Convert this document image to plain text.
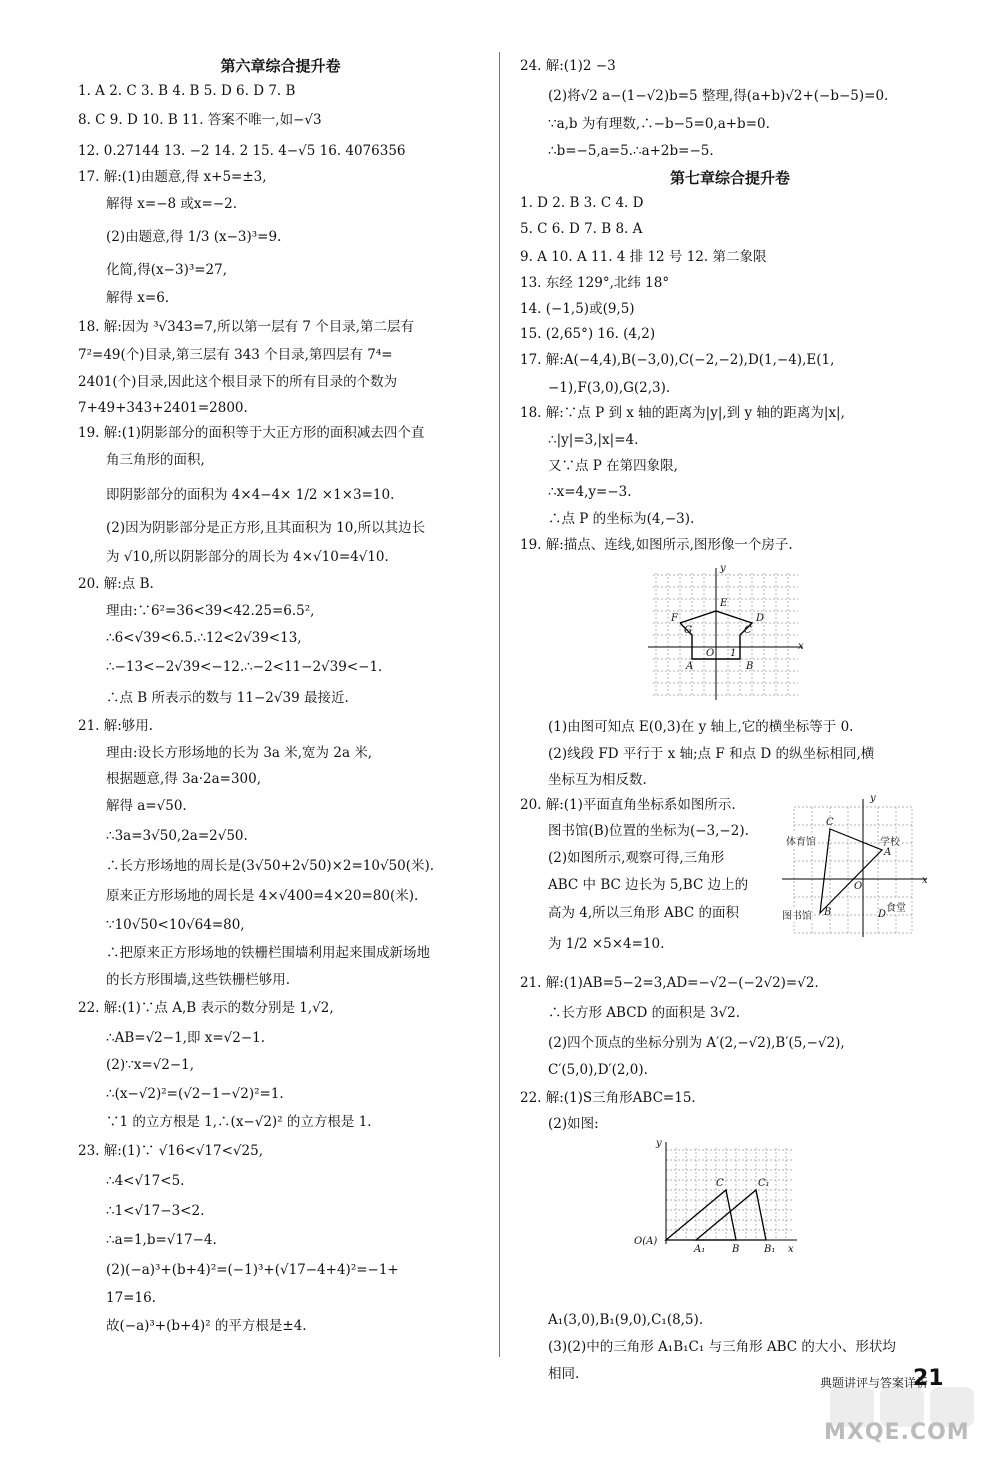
第六章综合提升卷

1. A 2. C 3. B 4. B 5. D 6. D 7. B

8. C 9. D 10. B 11. 答案不唯一,如−√3

12. 0.27144 13. −2 14. 2 15. 4−√5 16. 4076356

17. 解:(1)由题意,得 x+5=±3,

解得 x=−8 或x=−2.

(2)由题意,得 1/3 (x−3)³=9.

化简,得(x−3)³=27,

解得 x=6.

18. 解:因为 ³√343=7,所以第一层有 7 个目录,第二层有

7²=49(个)目录,第三层有 343 个目录,第四层有 7⁴=

2401(个)目录,因此这个根目录下的所有目录的个数为

7+49+343+2401=2800.

19. 解:(1)阴影部分的面积等于大正方形的面积减去四个直

角三角形的面积,

即阴影部分的面积为 4×4−4× 1/2 ×1×3=10.

(2)因为阴影部分是正方形,且其面积为 10,所以其边长

为 √10,所以阴影部分的周长为 4×√10=4√10.

20. 解:点 B.

理由:∵6²=36<39<42.25=6.5²,

∴6<√39<6.5.∴12<2√39<13,

∴−13<−2√39<−12.∴−2<11−2√39<−1.

∴点 B 所表示的数与 11−2√39 最接近.

21. 解:够用.

理由:设长方形场地的长为 3a 米,宽为 2a 米,

根据题意,得 3a·2a=300,

解得 a=√50.

∴3a=3√50,2a=2√50.

∴长方形场地的周长是(3√50+2√50)×2=10√50(米).

原来正方形场地的周长是 4×√400=4×20=80(米).

∵10√50<10√64=80,

∴把原来正方形场地的铁栅栏围墙利用起来围成新场地

的长方形围墙,这些铁栅栏够用.

22. 解:(1)∵点 A,B 表示的数分别是 1,√2,

∴AB=√2−1,即 x=√2−1.

(2)∵x=√2−1,

∴(x−√2)²=(√2−1−√2)²=1.

∵1 的立方根是 1,∴(x−√2)² 的立方根是 1.

23. 解:(1)∵ √16<√17<√25,

∴4<√17<5.

∴1<√17−3<2.

∴a=1,b=√17−4.

(2)(−a)³+(b+4)²=(−1)³+(√17−4+4)²=−1+

17=16.

故(−a)³+(b+4)² 的平方根是±4.

24. 解:(1)2 −3

(2)将√2 a−(1−√2)b=5 整理,得(a+b)√2+(−b−5)=0.

∵a,b 为有理数,∴−b−5=0,a+b=0.

∴b=−5,a=5.∴a+2b=−5.

第七章综合提升卷

1. D 2. B 3. C 4. D

5. C 6. D 7. B 8. A

9. A 10. A 11. 4 排 12 号 12. 第二象限

13. 东经 129°,北纬 18°

14. (−1,5)或(9,5)

15. (2,65°) 16. (4,2)

17. 解:A(−4,4),B(−3,0),C(−2,−2),D(1,−4),E(1,

−1),F(3,0),G(2,3).

18. 解:∵点 P 到 x 轴的距离为|y|,到 y 轴的距离为|x|,

∴|y|=3,|x|=4.

又∵点 P 在第四象限,

∴x=4,y=−3.

∴点 P 的坐标为(4,−3).

19. 解:描点、连线,如图所示,图形像一个房子.

(1)由图可知点 E(0,3)在 y 轴上,它的横坐标等于 0.

(2)线段 FD 平行于 x 轴;点 F 和点 D 的纵坐标相同,横

坐标互为相反数.

20. 解:(1)平面直角坐标系如图所示.

图书馆(B)位置的坐标为(−3,−2).

(2)如图所示,观察可得,三角形

ABC 中 BC 边长为 5,BC 边上的

高为 4,所以三角形 ABC 的面积

为 1/2 ×5×4=10.

21. 解:(1)AB=5−2=3,AD=−√2−(−2√2)=√2.

∴长方形 ABCD 的面积是 3√2.

(2)四个顶点的坐标分别为 A′(2,−√2),B′(5,−√2),

C′(5,0),D′(2,0).

22. 解:(1)S三角形ABC=15.

(2)如图:

A₁(3,0),B₁(9,0),C₁(8,5).

(3)(2)中的三角形 A₁B₁C₁ 与三角形 ABC 的大小、形状均

相同.

y
E
F	D
G	C
O 1
A	B
x
y
体育馆
C
学校
A
O
x
图书馆 B	食堂
D
y
C	C₁
O(A)
A₁	B B₁ x
典题讲评与答案详析
21
MXQE.COM
